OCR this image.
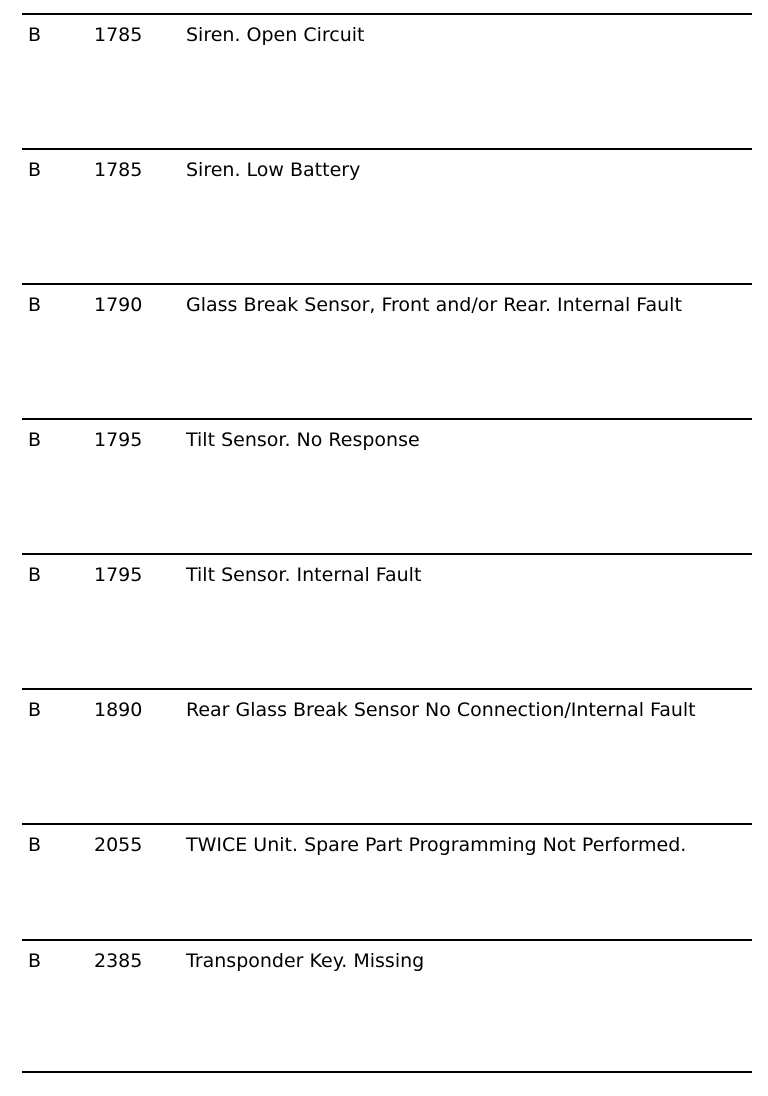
B	1785 Siren. Open Circuit
B	1785 Siren. Low Battery
B	1790 Glass Break Sensor, Front and/or Rear. Internal Fault
B	1795 Tilt Sensor. No Response
B	1795 Tilt Sensor. Internal Fault
B	1890 Rear Glass Break Sensor No Connection/Internal Fault
B	2055 TWICE Unit. Spare Part Programming Not Performed.
B	2385 Transponder Key. Missing
